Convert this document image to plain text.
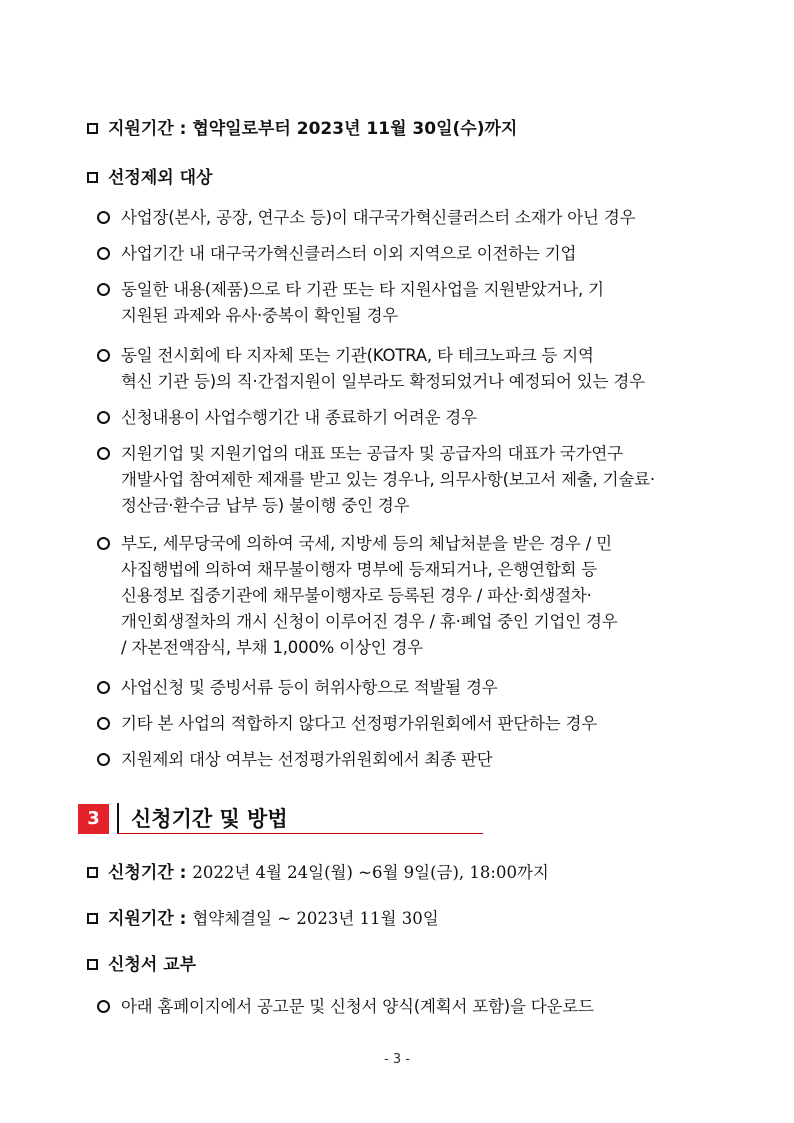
지원기간 : 협약일로부터 2023년 11월 30일(수)까지
선정제외 대상
사업장(본사, 공장, 연구소 등)이 대구국가혁신클러스터 소재가 아닌 경우
사업기간 내 대구국가혁신클러스터 이외 지역으로 이전하는 기업
동일한 내용(제품)으로 타 기관 또는 타 지원사업을 지원받았거나, 기
지원된 과제와 유사·중복이 확인될 경우
동일 전시회에 타 지자체 또는 기관(KOTRA, 타 테크노파크 등 지역
혁신 기관 등)의 직·간접지원이 일부라도 확정되었거나 예정되어 있는 경우
신청내용이 사업수행기간 내 종료하기 어려운 경우
지원기업 및 지원기업의 대표 또는 공급자 및 공급자의 대표가 국가연구
개발사업 참여제한 제재를 받고 있는 경우나, 의무사항(보고서 제출, 기술료·
정산금·환수금 납부 등) 불이행 중인 경우
부도, 세무당국에 의하여 국세, 지방세 등의 체납처분을 받은 경우 / 민
사집행법에 의하여 채무불이행자 명부에 등재되거나, 은행연합회 등
신용정보 집중기관에 채무불이행자로 등록된 경우 / 파산·회생절차·
개인회생절차의 개시 신청이 이루어진 경우 / 휴·폐업 중인 기업인 경우
/ 자본전액잠식, 부채 1,000% 이상인 경우
사업신청 및 증빙서류 등이 허위사항으로 적발될 경우
기타 본 사업의 적합하지 않다고 선정평가위원회에서 판단하는 경우
지원제외 대상 여부는 선정평가위원회에서 최종 판단
3	신청기간 및 방법
신청기간 : 2022년 4월 24일(월) ~6월 9일(금), 18:00까지
지원기간 : 협약체결일 ~ 2023년 11월 30일
신청서 교부
아래 홈페이지에서 공고문 및 신청서 양식(계획서 포함)을 다운로드
- 3 -
